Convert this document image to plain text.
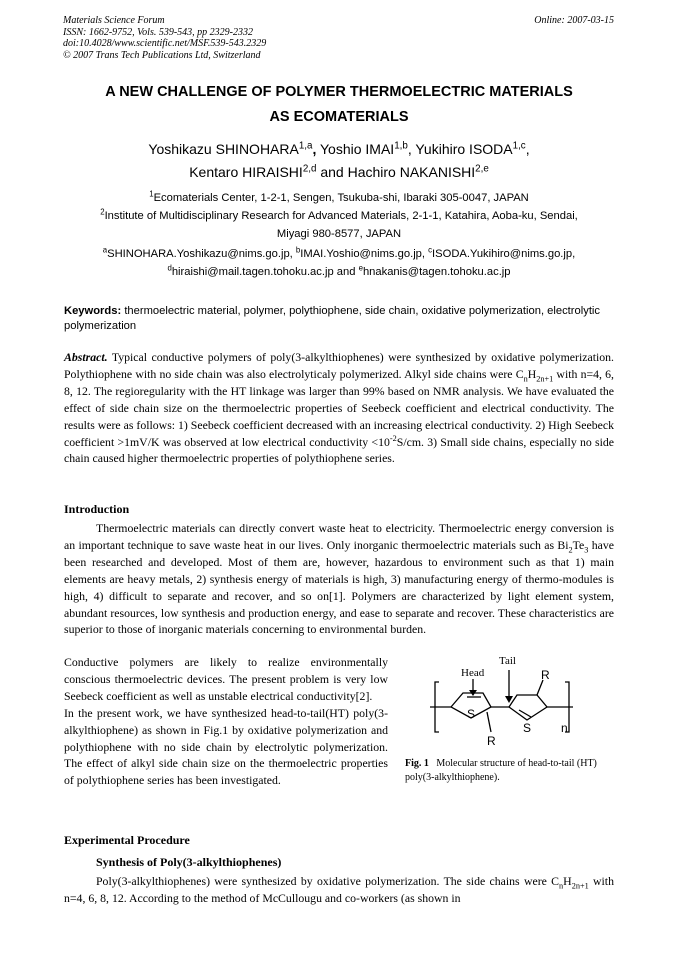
Materials Science Forum
ISSN: 1662-9752, Vols. 539-543, pp 2329-2332
doi:10.4028/www.scientific.net/MSF.539-543.2329
© 2007 Trans Tech Publications Ltd, Switzerland
Online: 2007-03-15
A NEW CHALLENGE OF POLYMER THERMOELECTRIC MATERIALS
AS ECOMATERIALS
Yoshikazu SHINOHARA$^{1,a}$, Yoshio IMAI$^{1,b}$, Yukihiro ISODA$^{1,c}$,
Kentaro HIRAISHI$^{2,d}$ and Hachiro NAKANISHI$^{2,e}$
$^1$Ecomaterials Center, 1-2-1, Sengen, Tsukuba-shi, Ibaraki 305-0047, JAPAN
$^2$Institute of Multidisciplinary Research for Advanced Materials, 2-1-1, Katahira, Aoba-ku, Sendai,
Miyagi 980-8577, JAPAN
$^a$SHINOHARA.Yoshikazu@nims.go.jp, $^b$IMAI.Yoshio@nims.go.jp, $^c$ISODA.Yukihiro@nims.go.jp,
$^d$hiraishi@mail.tagen.tohoku.ac.jp and $^e$hnakanis@tagen.tohoku.ac.jp
Keywords: thermoelectric material, polymer, polythiophene, side chain, oxidative polymerization, electrolytic polymerization
Abstract. Typical conductive polymers of poly(3-alkylthiophenes) were synthesized by oxidative polymerization. Polythiophene with no side chain was also electrolyticaly polymerized. Alkyl side chains were $C_nH_{2n+1}$ with n=4, 6, 8, 12. The regioregularity with the HT linkage was larger than 99% based on NMR analysis. We have evaluated the effect of side chain size on the thermoelectric properties of Seebeck coefficient and electrical conductivity. The results were as follows: 1) Seebeck coefficient decreased with an increasing electrical conductivity. 2) High Seebeck coefficient >1mV/K was observed at low electrical conductivity $<10^{-2}S/cm$. 3) Small side chains, especially no side chain caused higher thermoelectric properties of polythiophene series.
Introduction
Thermoelectric materials can directly convert waste heat to electricity. Thermoelectric energy conversion is an important technique to save waste heat in our lives. Only inorganic thermoelectric materials such as $Bi_2Te_3$ have been researched and developed. Most of them are, however, hazardous to environment such as that 1) main elements are heavy metals, 2) synthesis energy of materials is high, 3) manufacturing energy of thermo-modules is high, 4) difficult to separate and recover, and so on[1]. Polymers are characterized by light element system, abundant resources, low synthesis and production energy, and ease to separate and recover. These characteristics are superior to those of inorganic materials concerning to environmental burden.
Conductive polymers are likely to realize environmentally conscious thermoelectric devices. The present problem is very low Seebeck coefficient as well as unstable electrical conductivity[2].
In the present work, we have synthesized head-to-tail(HT) poly(3-alkylthiophene) as shown in Fig.1 by oxidative polymerization and polythiophene with no side chain by electrolytic polymerization. The effect of alkyl side chain size on the thermoelectric properties of polythiophene series has been investigated.
S
S
R
R
n
Head
Tail
Fig. 1 Molecular structure of head-to-tail (HT) poly(3-alkylthiophene).
Experimental Procedure
Synthesis of Poly(3-alkylthiophenes)
Poly(3-alkylthiophenes) were synthesized by oxidative polymerization. The side chains were $C_nH_{2n+1}$ with n=4, 6, 8, 12. According to the method of McCullougu and co-workers (as shown in
